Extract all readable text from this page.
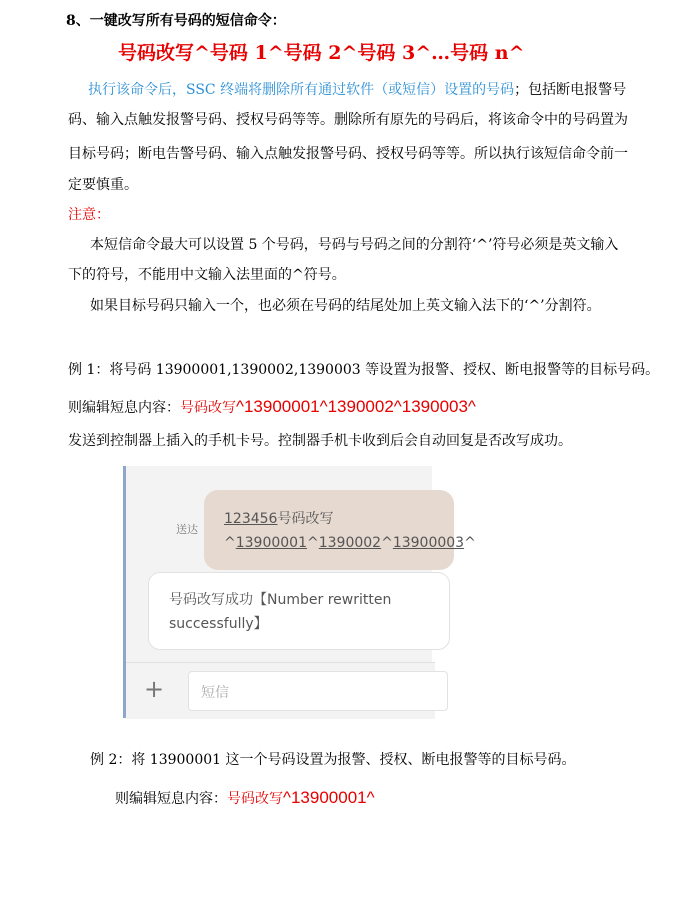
8、一键改写所有号码的短信命令：
号码改写^号码 1^号码 2^号码 3^…号码 n^
执行该命令后，SSC 终端将删除所有通过软件（或短信）设置的号码；包括断电报警号
码、输入点触发报警号码、授权号码等等。删除所有原先的号码后，将该命令中的号码置为
目标号码；断电告警号码、输入点触发报警号码、授权号码等等。所以执行该短信命令前一
定要慎重。
注意：
本短信命令最大可以设置 5 个号码，号码与号码之间的分割符‘^’符号必须是英文输入
下的符号，不能用中文输入法里面的^符号。
如果目标号码只输入一个，也必须在号码的结尾处加上英文输入法下的‘^’分割符。
例 1：将号码 13900001,1390002,1390003 等设置为报警、授权、断电报警等的目标号码。
则编辑短息内容：号码改写^13900001^1390002^1390003^
发送到控制器上插入的手机卡号。控制器手机卡收到后会自动回复是否改写成功。
送达
123456号码改写
^13900001^1390002^13900003^
号码改写成功【Number rewritten
successfully】
+	短信
例 2：将 13900001 这一个号码设置为报警、授权、断电报警等的目标号码。
则编辑短息内容：号码改写^13900001^
